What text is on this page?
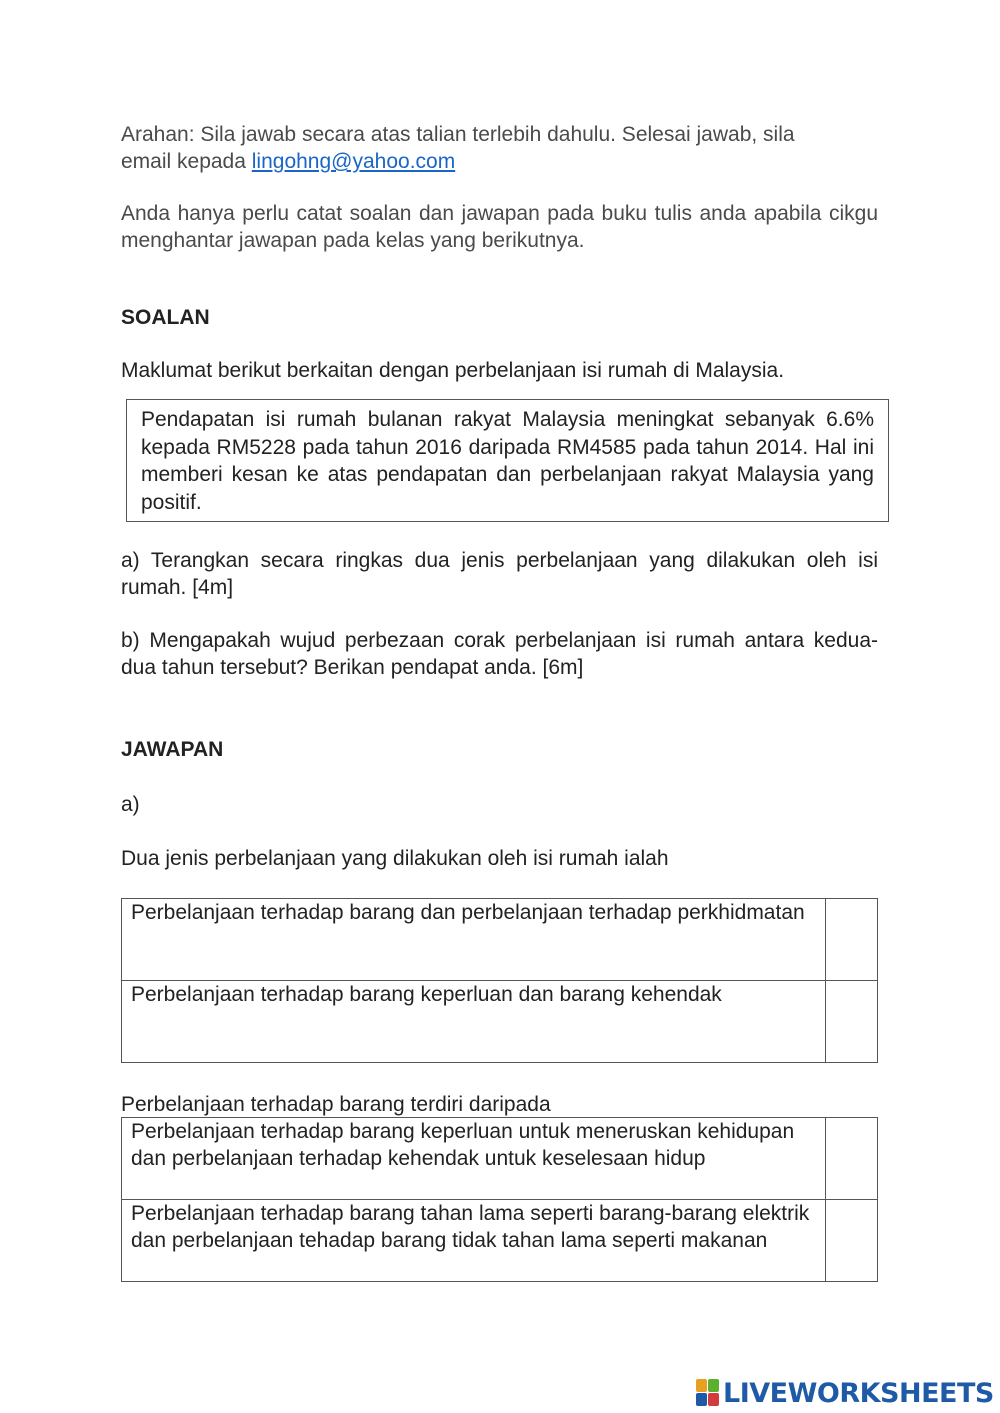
Arahan: Sila jawab secara atas talian terlebih dahulu. Selesai jawab, sila

email kepada lingohng@yahoo.com

Anda hanya perlu catat soalan dan jawapan pada buku tulis anda apabila cikgu menghantar jawapan pada kelas yang berikutnya.

SOALAN

Maklumat berikut berkaitan dengan perbelanjaan isi rumah di Malaysia.

Pendapatan isi rumah bulanan rakyat Malaysia meningkat sebanyak 6.6% kepada RM5228 pada tahun 2016 daripada RM4585 pada tahun 2014. Hal ini memberi kesan ke atas pendapatan dan perbelanjaan rakyat Malaysia yang positif.

a) Terangkan secara ringkas dua jenis perbelanjaan yang dilakukan oleh isi rumah. [4m]

b) Mengapakah wujud perbezaan corak perbelanjaan isi rumah antara kedua-dua tahun tersebut? Berikan pendapat anda. [6m]

JAWAPAN

a)

Dua jenis perbelanjaan yang dilakukan oleh isi rumah ialah

Perbelanjaan terhadap barang dan perbelanjaan terhadap perkhidmatan	

Perbelanjaan terhadap barang keperluan dan barang kehendak	

Perbelanjaan terhadap barang terdiri daripada

Perbelanjaan terhadap barang keperluan untuk meneruskan kehidupan dan perbelanjaan terhadap kehendak untuk keselesaan hidup	

Perbelanjaan terhadap barang tahan lama seperti barang-barang elektrik dan perbelanjaan tehadap barang tidak tahan lama seperti makanan	

LIVEWORKSHEETS
